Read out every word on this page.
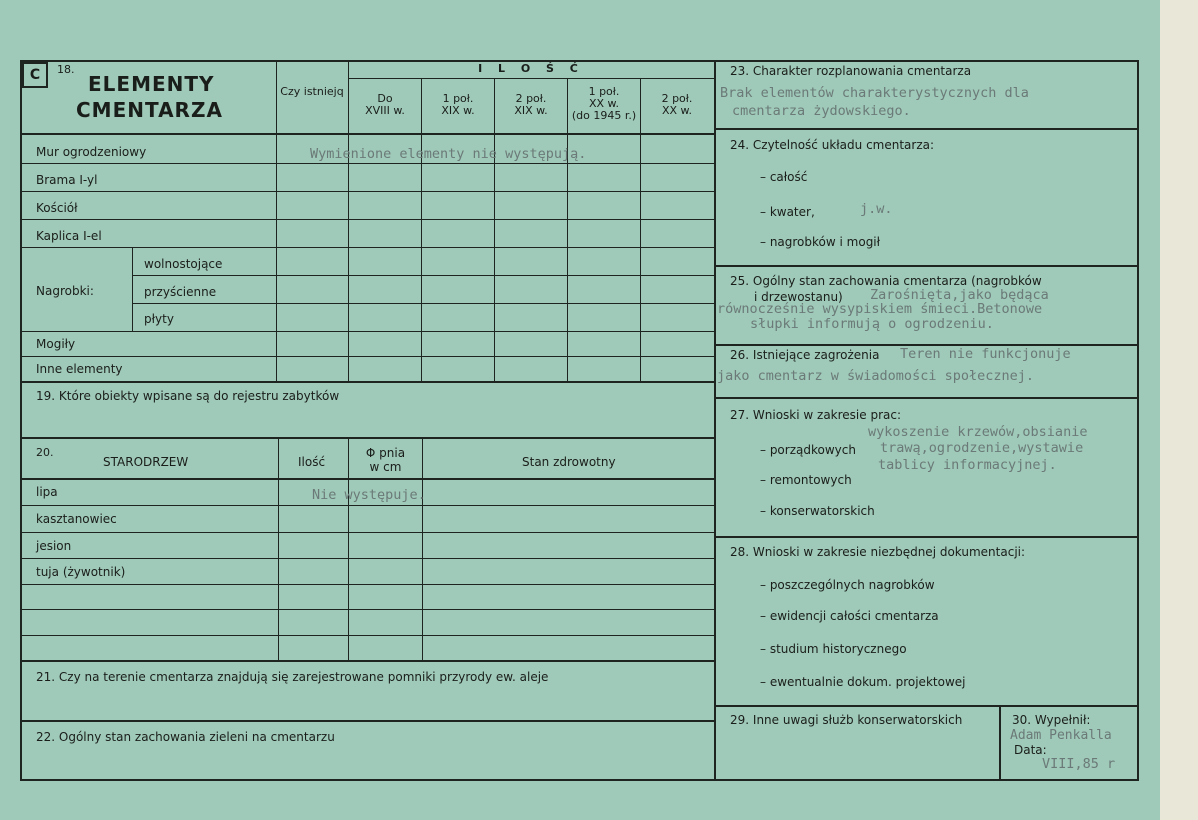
C	18.
ELEMENTY
CMENTARZA
Czy istniejq
I L O Ś Ć
Do
XVIII w.
1 poł.
XIX w.
2 poł.
XIX w.
1 poł.
XX w.
(do 1945 r.)
2 poł.
XX w.
Mur ogrodzeniowy
Brama I-yl
Kościół
Kaplica I-el
Nagrobki:
wolnostojące
przyścienne
płyty
Mogiły
Inne elementy
Wymienione elementy nie występują.
19. Które obiekty wpisane są do rejestru zabytków
20.
STARODRZEW	Ilość
Φ pnia
w cm	Stan zdrowotny
lipa
kasztanowiec
jesion
tuja (żywotnik)
Nie występuje.
21. Czy na terenie cmentarza znajdują się zarejestrowane pomniki przyrody ew. aleje
22. Ogólny stan zachowania zieleni na cmentarzu
23. Charakter rozplanowania cmentarza
Brak elementów charakterystycznych dla
cmentarza żydowskiego.
24. Czytelność układu cmentarza:
– całość
– kwater,	j.w.
– nagrobków i mogił
25. Ogólny stan zachowania cmentarza (nagrobków
i drzewostanu) Zarośnięta,jako będąca
równocześnie wysypiskiem śmieci.Betonowe
słupki informują o ogrodzeniu.
26. Istniejące zagrożenia Teren nie funkcjonuje
jako cmentarz w świadomości społecznej.
27. Wnioski w zakresie prac:
– porządkowych
– remontowych
– konserwatorskich
wykoszenie krzewów,obsianie
trawą,ogrodzenie,wystawie
tablicy informacyjnej.
28. Wnioski w zakresie niezbędnej dokumentacji:
– poszczególnych nagrobków
– ewidencji całości cmentarza
– studium historycznego
– ewentualnie dokum. projektowej
29. Inne uwagi służb konserwatorskich	30. Wypełnił:
Adam Penkalla
Data:
VIII,85 r
